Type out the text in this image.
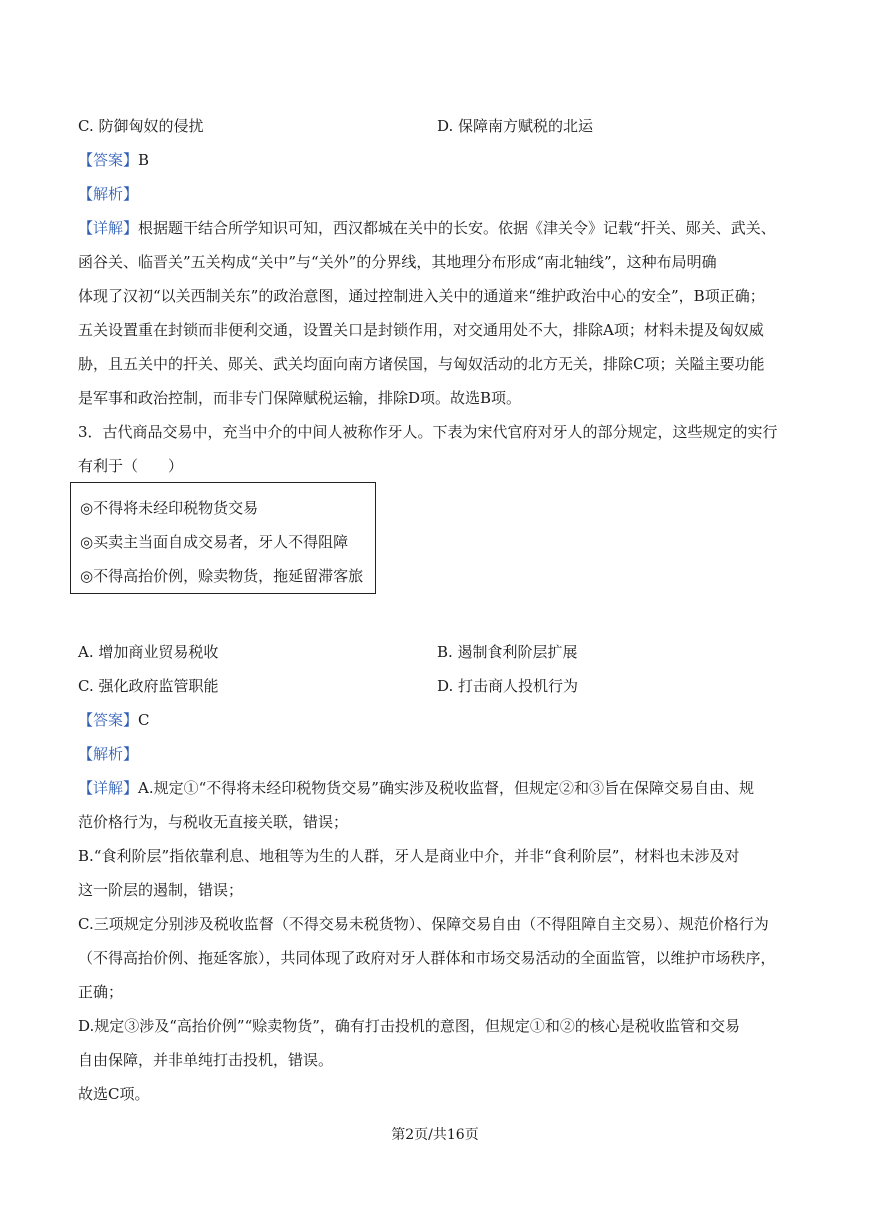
C. 防御匈奴的侵扰	D. 保障南方赋税的北运
【答案】B
【解析】
【详解】根据题干结合所学知识可知，西汉都城在关中的长安。依据《津关令》记载“扞关、郧关、武关、
函谷关、临晋关”五关构成“关中”与“关外”的分界线，其地理分布形成“南北轴线”，这种布局明确
体现了汉初“以关西制关东”的政治意图，通过控制进入关中的通道来“维护政治中心的安全”，B项正确；
五关设置重在封锁而非便利交通，设置关口是封锁作用，对交通用处不大，排除A项；材料未提及匈奴威
胁，且五关中的扞关、郧关、武关均面向南方诸侯国，与匈奴活动的北方无关，排除C项；关隘主要功能
是军事和政治控制，而非专门保障赋税运输，排除D项。故选B项。
3．古代商品交易中，充当中介的中间人被称作牙人。下表为宋代官府对牙人的部分规定，这些规定的实行
有利于（　　）
◎不得将未经印税物货交易
◎买卖主当面自成交易者，牙人不得阻障
◎不得高抬价例，赊卖物货，拖延留滞客旅
A. 增加商业贸易税收	B. 遏制食利阶层扩展
C. 强化政府监管职能	D. 打击商人投机行为
【答案】C
【解析】
【详解】A.规定①“不得将未经印税物货交易”确实涉及税收监督，但规定②和③旨在保障交易自由、规
范价格行为，与税收无直接关联，错误；
B.“食利阶层”指依靠利息、地租等为生的人群，牙人是商业中介，并非“食利阶层”，材料也未涉及对
这一阶层的遏制，错误；
C.三项规定分别涉及税收监督（不得交易未税货物）、保障交易自由（不得阻障自主交易）、规范价格行为
（不得高抬价例、拖延客旅），共同体现了政府对牙人群体和市场交易活动的全面监管，以维护市场秩序，
正确；
D.规定③涉及“高抬价例”“赊卖物货”，确有打击投机的意图，但规定①和②的核心是税收监管和交易
自由保障，并非单纯打击投机，错误。
故选C项。
第2页/共16页
